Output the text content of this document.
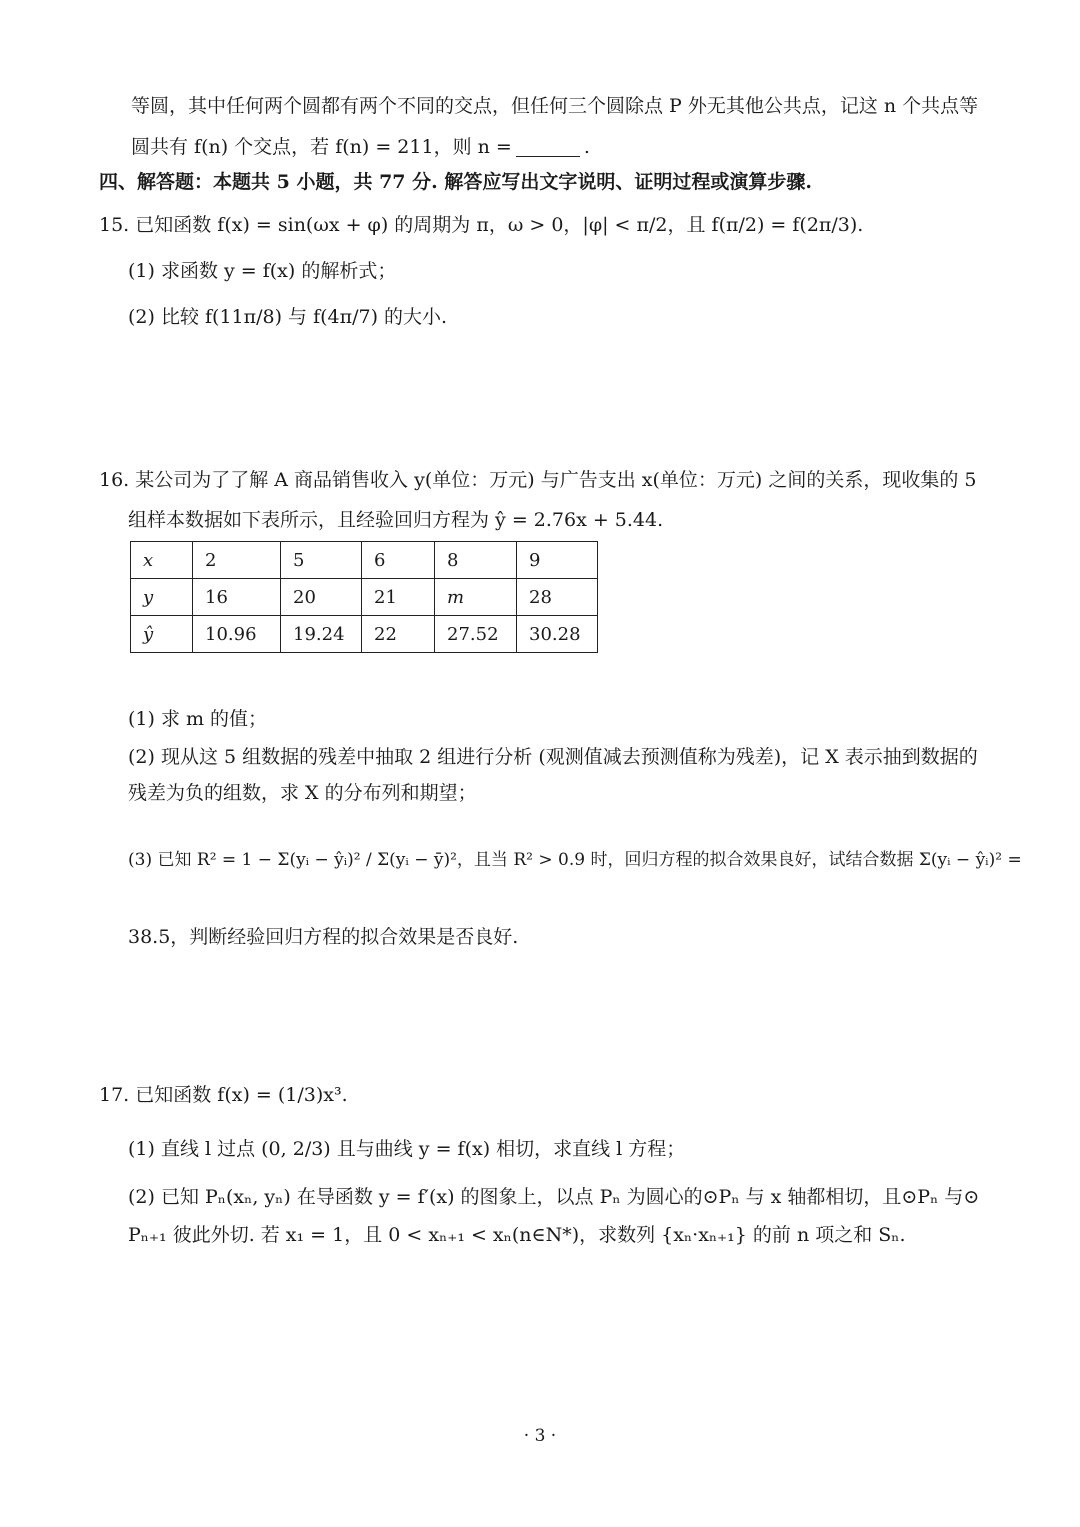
等圆，其中任何两个圆都有两个不同的交点，但任何三个圆除点 P 外无其他公共点，记这 n 个共点等
圆共有 f(n) 个交点，若 f(n) = 211，则 n =	.
四、解答题：本题共 5 小题，共 77 分. 解答应写出文字说明、证明过程或演算步骤.
15. 已知函数 f(x) = sin(ωx + φ) 的周期为 π，ω > 0，|φ| < π/2，且 f(π/2) = f(2π/3).
(1) 求函数 y = f(x) 的解析式；
(2) 比较 f(11π/8) 与 f(4π/7) 的大小.
16. 某公司为了了解 A 商品销售收入 y(单位：万元) 与广告支出 x(单位：万元) 之间的关系，现收集的 5
组样本数据如下表所示，且经验回归方程为 ŷ = 2.76x + 5.44.
x	2	5	6	8	9
y	16	20	21	m	28
ŷ	10.96	19.24	22	27.52	30.28
(1) 求 m 的值；
(2) 现从这 5 组数据的残差中抽取 2 组进行分析 (观测值减去预测值称为残差)，记 X 表示抽到数据的
残差为负的组数，求 X 的分布列和期望；
(3) 已知 R² = 1 − Σ(yᵢ − ŷᵢ)² / Σ(yᵢ − ȳ)²，且当 R² > 0.9 时，回归方程的拟合效果良好，试结合数据 Σ(yᵢ − ŷᵢ)² =
38.5，判断经验回归方程的拟合效果是否良好.
17. 已知函数 f(x) = (1/3)x³.
(1) 直线 l 过点 (0, 2/3) 且与曲线 y = f(x) 相切，求直线 l 方程；
(2) 已知 Pₙ(xₙ, yₙ) 在导函数 y = f′(x) 的图象上，以点 Pₙ 为圆心的⊙Pₙ 与 x 轴都相切，且⊙Pₙ 与⊙
Pₙ₊₁ 彼此外切. 若 x₁ = 1，且 0 < xₙ₊₁ < xₙ(n∈N*)，求数列 {xₙ·xₙ₊₁} 的前 n 项之和 Sₙ.
· 3 ·
